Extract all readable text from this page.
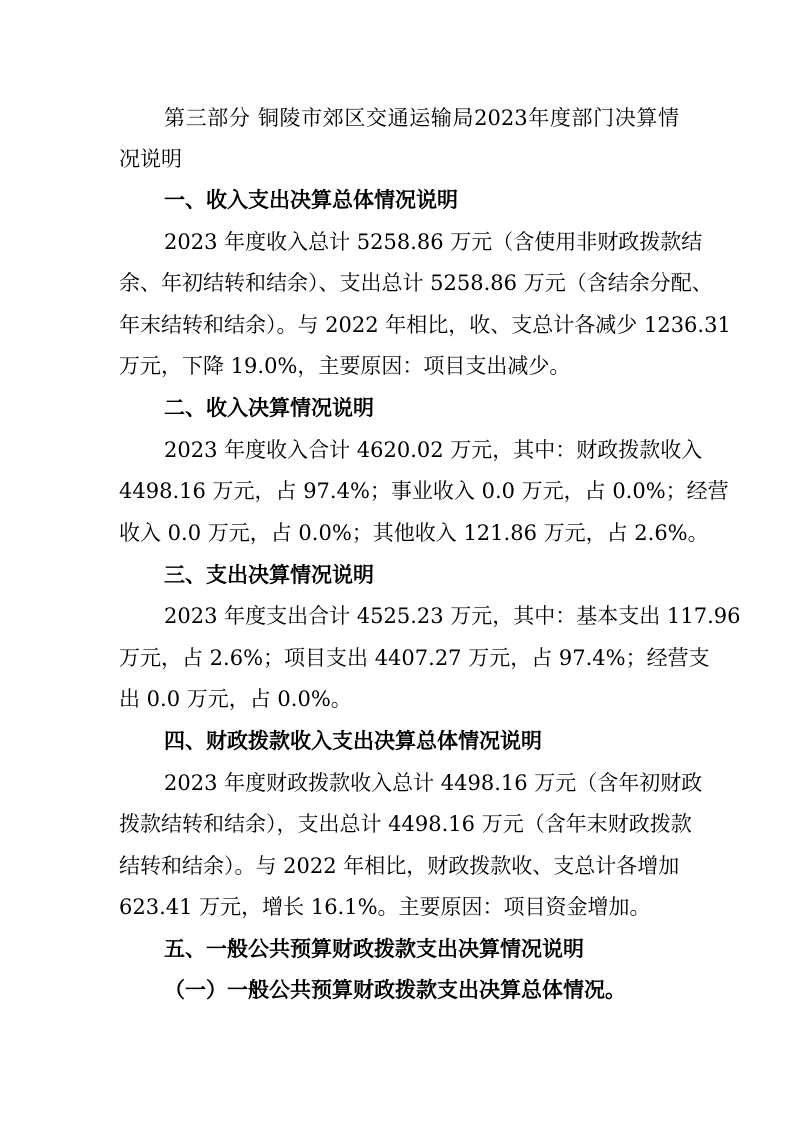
第三部分 铜陵市郊区交通运输局2023年度部门决算情
况说明
一、收入支出决算总体情况说明
2023 年度收入总计 5258.86 万元（含使用非财政拨款结
余、年初结转和结余）、支出总计 5258.86 万元（含结余分配、
年末结转和结余）。与 2022 年相比，收、支总计各减少 1236.31
万元，下降 19.0%，主要原因：项目支出减少。
二、收入决算情况说明
2023 年度收入合计 4620.02 万元，其中：财政拨款收入
4498.16 万元，占 97.4%；事业收入 0.0 万元，占 0.0%；经营
收入 0.0 万元，占 0.0%；其他收入 121.86 万元，占 2.6%。
三、支出决算情况说明
2023 年度支出合计 4525.23 万元，其中：基本支出 117.96
万元，占 2.6%；项目支出 4407.27 万元，占 97.4%；经营支
出 0.0 万元，占 0.0%。
四、财政拨款收入支出决算总体情况说明
2023 年度财政拨款收入总计 4498.16 万元（含年初财政
拨款结转和结余），支出总计 4498.16 万元（含年末财政拨款
结转和结余）。与 2022 年相比，财政拨款收、支总计各增加
623.41 万元，增长 16.1%。主要原因：项目资金增加。
五、一般公共预算财政拨款支出决算情况说明
（一）一般公共预算财政拨款支出决算总体情况。
